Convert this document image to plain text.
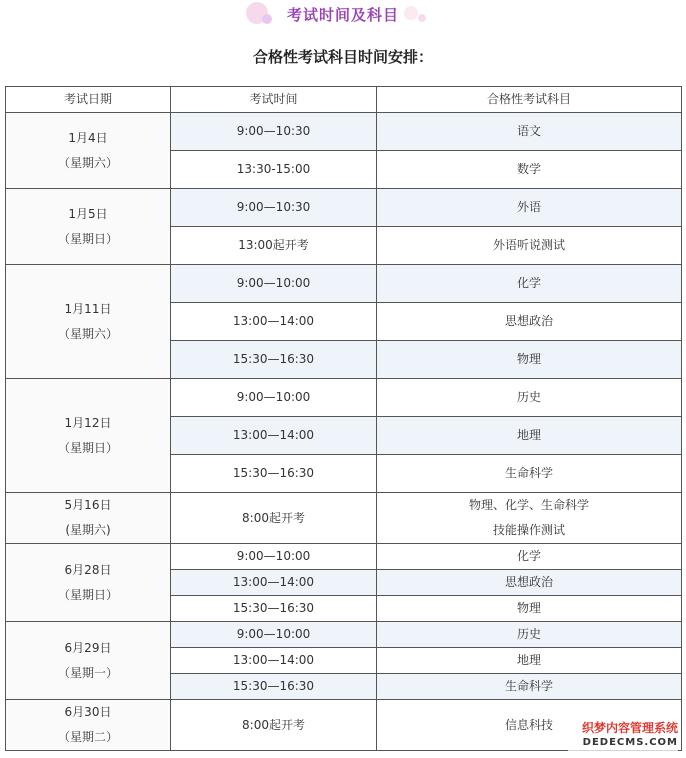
考试时间及科目
合格性考试科目时间安排：
考试日期	考试时间	合格性考试科目

1月4日
（星期六）	9:00—10:30	语文
	13:30-15:00	数学

1月5日
（星期日）	9:00—10:30	外语
	13:00起开考	外语听说测试

1月11日
（星期六）	9:00—10:00	化学
	13:00—14:00	思想政治
	15:30—16:30	物理

1月12日
（星期日）	9:00—10:00	历史
	13:00—14:00	地理
	15:30—16:30	生命科学

5月16日
(星期六)	8:00起开考	物理、化学、生命科学
技能操作测试

6月28日
（星期日）	9:00—10:00	化学
	13:00—14:00	思想政治
	15:30—16:30	物理

6月29日
（星期一）	9:00—10:00	历史
	13:00—14:00	地理
	15:30—16:30	生命科学

6月30日
（星期二）	8:00起开考	信息科技	织梦内容管理系统
DEDECMS.COM
